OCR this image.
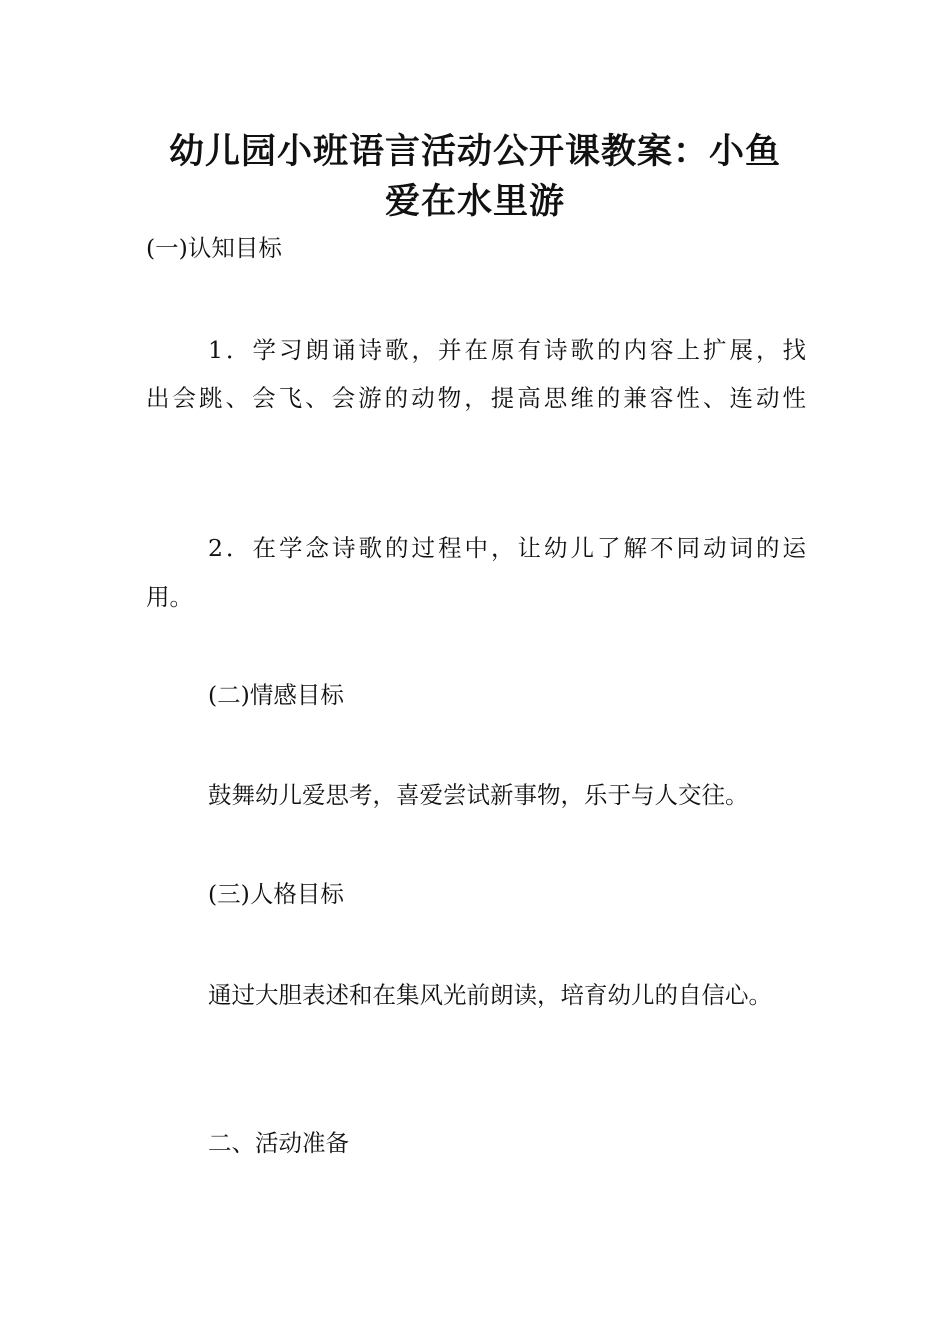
幼儿园小班语言活动公开课教案：小鱼
爱在水里游

(一)认知目标

1．学习朗诵诗歌，并在原有诗歌的内容上扩展，找

出会跳、会飞、会游的动物，提高思维的兼容性、连动性

2．在学念诗歌的过程中，让幼儿了解不同动词的运

用。

(二)情感目标

鼓舞幼儿爱思考，喜爱尝试新事物，乐于与人交往。

(三)人格目标

通过大胆表述和在集风光前朗读，培育幼儿的自信心。

二、活动准备
